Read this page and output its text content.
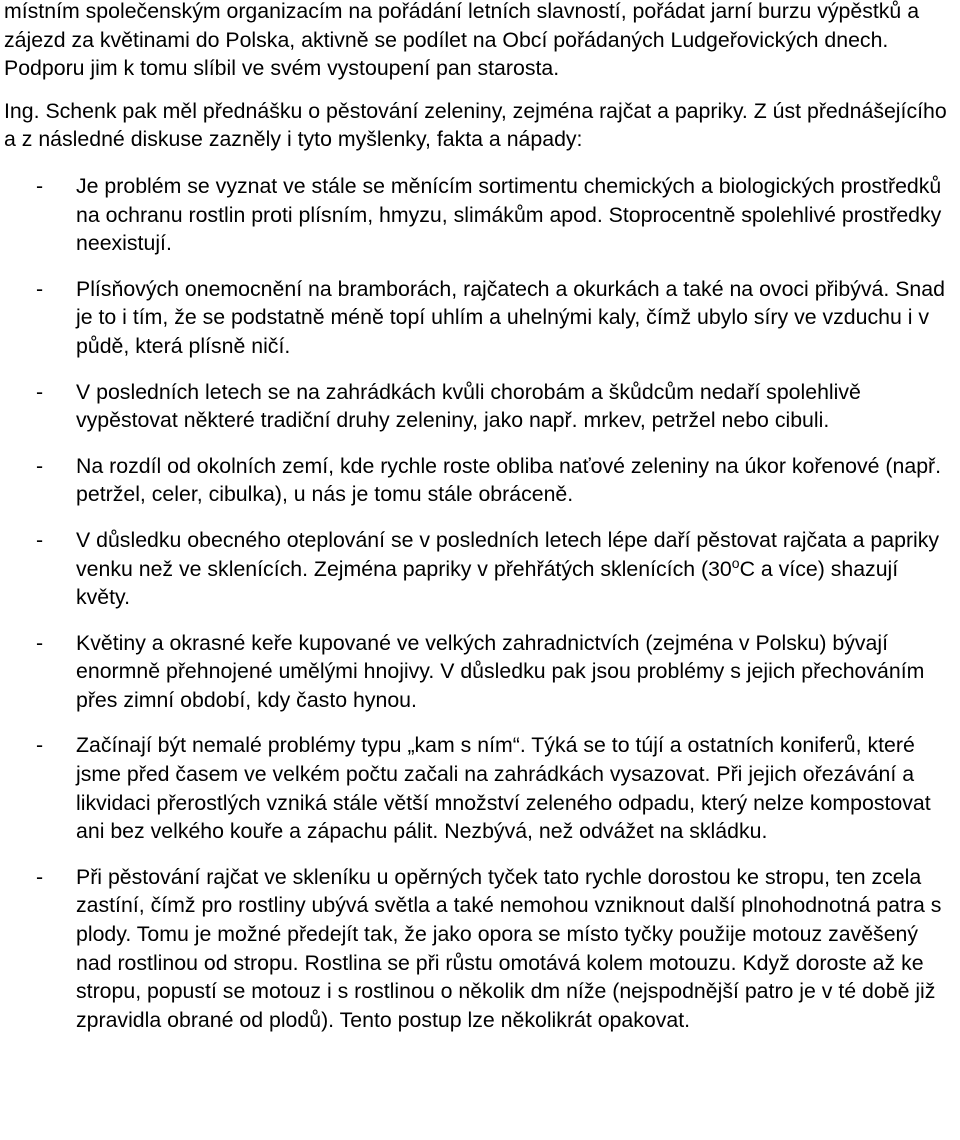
místním společenským organizacím na pořádání letních slavností, pořádat jarní burzu výpěstků a zájezd za květinami do Polska, aktivně se podílet na Obcí pořádaných Ludgeřovických dnech. Podporu jim k tomu slíbil ve svém vystoupení pan starosta.

Ing. Schenk pak měl přednášku o pěstování zeleniny, zejména rajčat a papriky. Z úst přednášejícího a z následné diskuse zazněly i tyto myšlenky, fakta a nápady:

- Je problém se vyznat ve stále se měnícím sortimentu chemických a biologických prostředků na ochranu rostlin proti plísním, hmyzu, slimákům apod. Stoprocentně spolehlivé prostředky neexistují.
- Plísňových onemocnění na bramborách, rajčatech a okurkách a také na ovoci přibývá. Snad je to i tím, že se podstatně méně topí uhlím a uhelnými kaly, čímž ubylo síry ve vzduchu i v půdě, která plísně ničí.
- V posledních letech se na zahrádkách kvůli chorobám a škůdcům nedaří spolehlivě vypěstovat některé tradiční druhy zeleniny, jako např. mrkev, petržel nebo cibuli.
- Na rozdíl od okolních zemí, kde rychle roste obliba naťové zeleniny na úkor kořenové (např. petržel, celer, cibulka), u nás je tomu stále obráceně.
- V důsledku obecného oteplování se v posledních letech lépe daří pěstovat rajčata a papriky venku než ve sklenících. Zejména papriky v přehřátých sklenících (30$^o$C a více) shazují květy.
- Květiny a okrasné keře kupované ve velkých zahradnictvích (zejména v Polsku) bývají enormně přehnojené umělými hnojivy. V důsledku pak jsou problémy s jejich přechováním přes zimní období, kdy často hynou.
- Začínají být nemalé problémy typu „kam s ním“. Týká se to tújí a ostatních koniferů, které jsme před časem ve velkém počtu začali na zahrádkách vysazovat. Při jejich ořezávání a likvidaci přerostlých vzniká stále větší množství zeleného odpadu, který nelze kompostovat ani bez velkého kouře a zápachu pálit. Nezbývá, než odvážet na skládku.
- Při pěstování rajčat ve skleníku u opěrných tyček tato rychle dorostou ke stropu, ten zcela zastíní, čímž pro rostliny ubývá světla a také nemohou vzniknout další plnohodnotná patra s plody. Tomu je možné předejít tak, že jako opora se místo tyčky použije motouz zavěšený nad rostlinou od stropu. Rostlina se při růstu omotává kolem motouzu. Když doroste až ke stropu, popustí se motouz i s rostlinou o několik dm níže (nejspodnější patro je v té době již zpravidla obrané od plodů). Tento postup lze několikrát opakovat.
